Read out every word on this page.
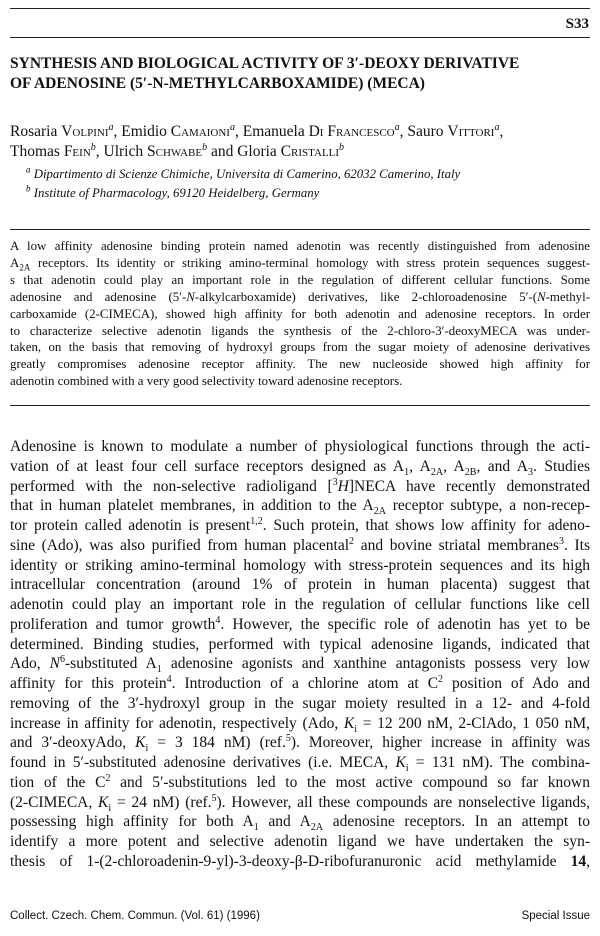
S33
SYNTHESIS AND BIOLOGICAL ACTIVITY OF 3′-DEOXY DERIVATIVE
OF ADENOSINE (5′-N-METHYLCARBOXAMIDE) (MECA)
Rosaria Volpini$^a$, Emidio Camaioni$^a$, Emanuela Di Francesco$^a$, Sauro Vittori$^a$,
Thomas Fein$^b$, Ulrich Schwabe$^b$ and Gloria Cristalli$^b$
$^a$ Dipartimento di Scienze Chimiche, Universita di Camerino, 62032 Camerino, Italy
$^b$ Institute of Pharmacology, 69120 Heidelberg, Germany
A low affinity adenosine binding protein named adenotin was recently distinguished from adenosine
$A_{2A}$ receptors. Its identity or striking amino-terminal homology with stress protein sequences suggest-
s that adenotin could play an important role in the regulation of different cellular functions. Some
adenosine and adenosine (5′-N-alkylcarboxamide) derivatives, like 2-chloroadenosine 5′-(N-methyl-
carboxamide (2-CIMECA), showed high affinity for both adenotin and adenosine receptors. In order
to characterize selective adenotin ligands the synthesis of the 2-chloro-3′-deoxyMECA was under-
taken, on the basis that removing of hydroxyl groups from the sugar moiety of adenosine derivatives
greatly compromises adenosine receptor affinity. The new nucleoside showed high affinity for
adenotin combined with a very good selectivity toward adenosine receptors.
Adenosine is known to modulate a number of physiological functions through the acti-
vation of at least four cell surface receptors designed as $A_1$, $A_{2A}$, $A_{2B}$, and $A_3$. Studies
performed with the non-selective radioligand [$^3$H]NECA have recently demonstrated
that in human platelet membranes, in addition to the $A_{2A}$ receptor subtype, a non-recep-
tor protein called adenotin is present$^{1,2}$. Such protein, that shows low affinity for adeno-
sine (Ado), was also purified from human placental$^2$ and bovine striatal membranes$^3$. Its
identity or striking amino-terminal homology with stress-protein sequences and its high
intracellular concentration (around 1% of protein in human placenta) suggest that
adenotin could play an important role in the regulation of cellular functions like cell
proliferation and tumor growth$^4$. However, the specific role of adenotin has yet to be
determined. Binding studies, performed with typical adenosine ligands, indicated that
Ado, $N^6$-substituted $A_1$ adenosine agonists and xanthine antagonists possess very low
affinity for this protein$^4$. Introduction of a chlorine atom at $C^2$ position of Ado and
removing of the 3′-hydroxyl group in the sugar moiety resulted in a 12- and 4-fold
increase in affinity for adenotin, respectively (Ado, $K_i = 12$ 200 nM, 2-ClAdo, 1 050 nM,
and 3′-deoxyAdo, $K_i = 3$ 184 nM) (ref.$^5$). Moreover, higher increase in affinity was
found in 5′-substituted adenosine derivatives (i.e. MECA, $K_i = 131$ nM). The combina-
tion of the $C^2$ and 5′-substitutions led to the most active compound so far known
(2-CIMECA, $K_i = 24$ nM) (ref.$^5$). However, all these compounds are nonselective ligands,
possessing high affinity for both $A_1$ and $A_{2A}$ adenosine receptors. In an attempt to
identify a more potent and selective adenotin ligand we have undertaken the syn-
thesis of 1-(2-chloroadenin-9-yl)-3-deoxy-β-D-ribofuranuronic acid methylamide 14,
Collect. Czech. Chem. Commun. (Vol. 61) (1996)	Special Issue
